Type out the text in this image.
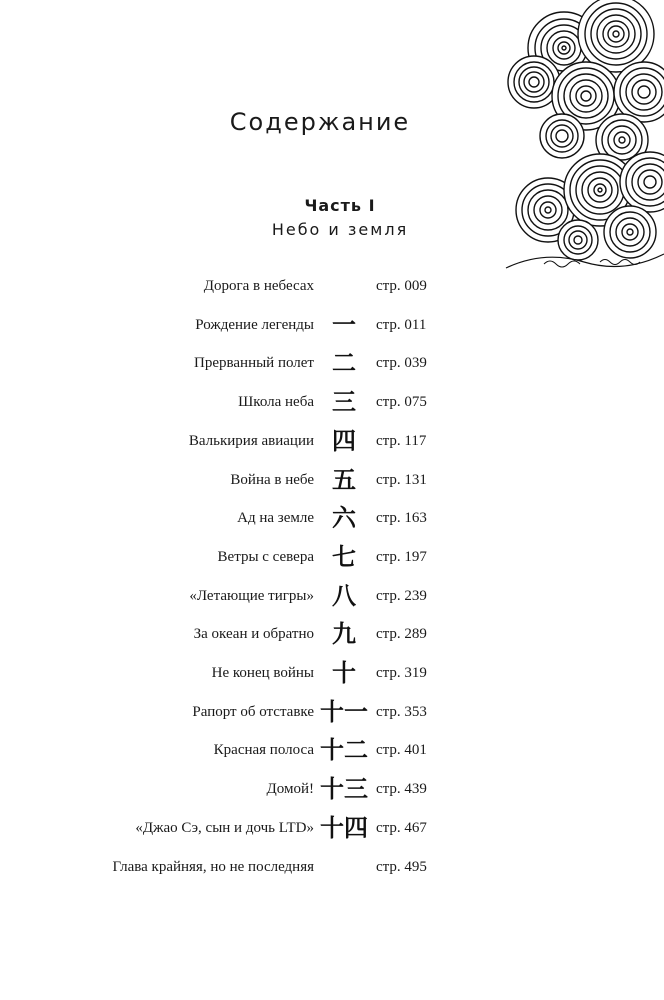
Содержание
Часть I
Небо и земля
Дорога в небесах	стр. 009
Рождение легенды 一	стр. 011
Прерванный полет 二	стр. 039
Школа неба 三	стр. 075
Валькирия авиации 四	стр. 117
Война в небе 五	стр. 131
Ад на земле 六	стр. 163
Ветры с севера 七	стр. 197
«Летающие тигры» 八	стр. 239
За океан и обратно 九	стр. 289
Не конец войны 十	стр. 319
Рапорт об отставке 十一 стр. 353
Красная полоса 十二 стр. 401
Домой! 十三 стр. 439
«Джао Сэ, сын и дочь LTD» 十四 стр. 467
Глава крайняя, но не последняя	стр. 495
